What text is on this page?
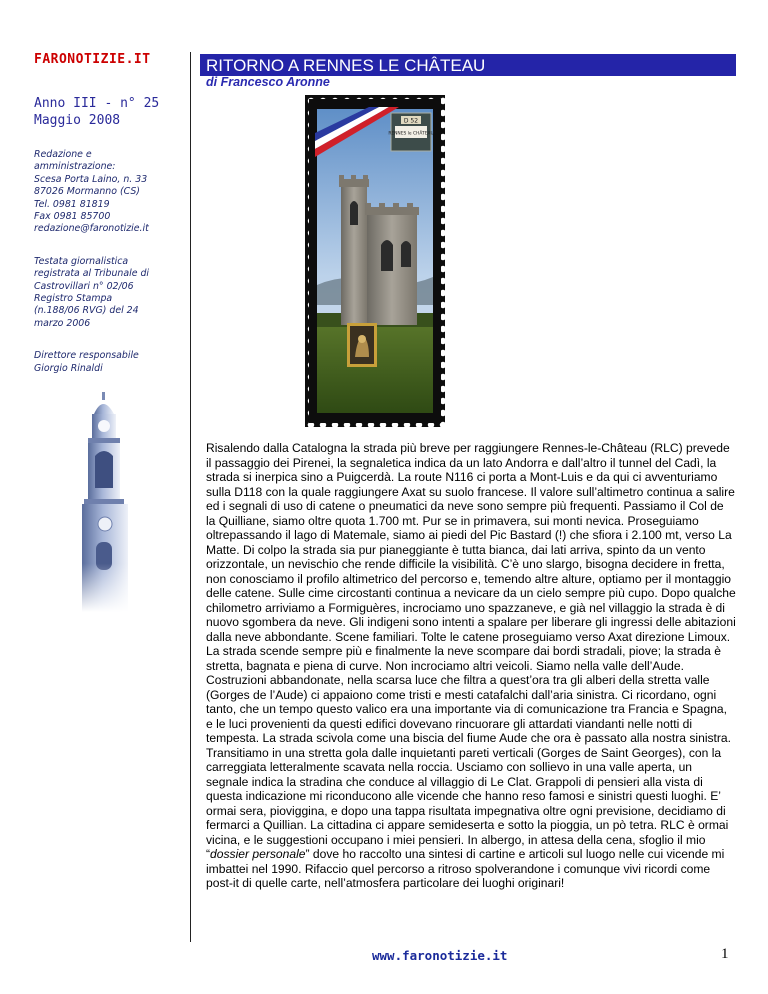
FARONOTIZIE.IT
Anno III - n° 25
Maggio 2008
Redazione e
amministrazione:
Scesa Porta Laino, n. 33
87026 Mormanno (CS)
Tel. 0981 81819
Fax 0981 85700
redazione@faronotizie.it
Testata giornalistica
registrata al Tribunale di
Castrovillari n° 02/06
Registro Stampa
(n.188/06 RVG) del 24
marzo 2006
Direttore responsabile
Giorgio Rinaldi
RITORNO A RENNES LE CHÂTEAU
di Francesco Aronne
D 52
RENNES le CHÂTEAU

Risalendo dalla Catalogna la strada più breve per raggiungere Rennes-le-Château (RLC) prevede il passaggio dei Pirenei, la segnaletica indica da un lato Andorra e dall’altro il tunnel del Cadì, la strada si inerpica sino a Puigcerdà. La route N116 ci porta a Mont-Luis e da qui ci avventuriamo sulla D118 con la quale raggiungere Axat su suolo francese. Il valore sull’altimetro continua a salire ed i segnali di uso di catene o pneumatici da neve sono sempre più frequenti. Passiamo il Col de la Quilliane, siamo oltre quota 1.700 mt. Pur se in primavera, sui monti nevica. Proseguiamo oltrepassando il lago di Matemale, siamo ai piedi del Pic Bastard (!) che sfiora i 2.100 mt, verso La Matte. Di colpo la strada sia pur pianeggiante è tutta bianca, dai lati arriva, spinto da un vento orizzontale, un nevischio che rende difficile la visibilità. C’è uno slargo, bisogna decidere in fretta, non conosciamo il profilo altimetrico del percorso e, temendo altre alture, optiamo per il montaggio delle catene. Sulle cime circostanti continua a nevicare da un cielo sempre più cupo. Dopo qualche chilometro arriviamo a Formiguères, incrociamo uno spazzaneve, e già nel villaggio la strada è di nuovo sgombera da neve. Gli indigeni sono intenti a spalare per liberare gli ingressi delle abitazioni dalla neve abbondante. Scene familiari. Tolte le catene proseguiamo verso Axat direzione Limoux. La strada scende sempre più e finalmente la neve scompare dai bordi stradali, piove; la strada è stretta, bagnata e piena di curve. Non incrociamo altri veicoli. Siamo nella valle dell’Aude. Costruzioni abbandonate, nella scarsa luce che filtra a quest’ora tra gli alberi della stretta valle (Gorges de l’Aude) ci appaiono come tristi e mesti catafalchi dall’aria sinistra. Ci ricordano, ogni tanto, che un tempo questo valico era una importante via di comunicazione tra Francia e Spagna, e le luci provenienti da questi edifici dovevano rincuorare gli attardati viandanti nelle notti di tempesta. La strada scivola come una biscia del fiume Aude che ora è passato alla nostra sinistra. Transitiamo in una stretta gola dalle inquietanti pareti verticali (Gorges de Saint Georges), con la carreggiata letteralmente scavata nella roccia. Usciamo con sollievo in una valle aperta, un segnale indica la stradina che conduce al villaggio di Le Clat. Grappoli di pensieri alla vista di questa indicazione mi riconducono alle vicende che hanno reso famosi e sinistri questi luoghi. E’ ormai sera, pioviggina, e dopo una tappa risultata impegnativa oltre ogni previsione, decidiamo di fermarci a Quillian. La cittadina ci appare semideserta e sotto la pioggia, un pò tetra. RLC è ormai vicina, e le suggestioni occupano i miei pensieri. In albergo, in attesa della cena, sfoglio il mio “dossier personale” dove ho raccolto una sintesi di cartine e articoli sul luogo nelle cui vicende mi imbattei nel 1990. Rifaccio quel percorso a ritroso spolverandone i comunque vivi ricordi come post-it di quelle carte, nell’atmosfera particolare dei luoghi originari!

www.faronotizie.it	1
